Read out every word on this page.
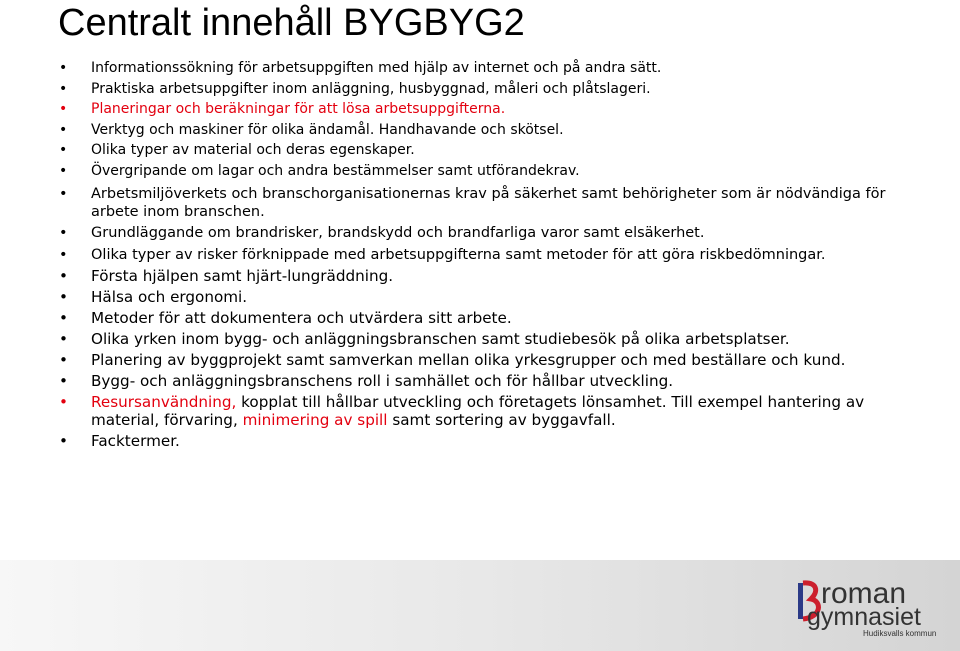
Centralt innehåll BYGBYG2
• Informationssökning för arbetsuppgiften med hjälp av internet och på andra sätt.
• Praktiska arbetsuppgifter inom anläggning, husbyggnad, måleri och plåtslageri.
• Planeringar och beräkningar för att lösa arbetsuppgifterna.
• Verktyg och maskiner för olika ändamål. Handhavande och skötsel.
• Olika typer av material och deras egenskaper.
• Övergripande om lagar och andra bestämmelser samt utförandekrav.
• Arbetsmiljöverkets och branschorganisationernas krav på säkerhet samt behörigheter som är nödvändiga för arbete inom branschen.
• Grundläggande om brandrisker, brandskydd och brandfarliga varor samt elsäkerhet.
• Olika typer av risker förknippade med arbetsuppgifterna samt metoder för att göra riskbedömningar.
• Första hjälpen samt hjärt-lungräddning.
• Hälsa och ergonomi.
• Metoder för att dokumentera och utvärdera sitt arbete.
• Olika yrken inom bygg- och anläggningsbranschen samt studiebesök på olika arbetsplatser.
• Planering av byggprojekt samt samverkan mellan olika yrkesgrupper och med beställare och kund.
• Bygg- och anläggningsbranschens roll i samhället och för hållbar utveckling.
• Resursanvändning, kopplat till hållbar utveckling och företagets lönsamhet. Till exempel hantering av material, förvaring, minimering av spill samt sortering av byggavfall.
• Facktermer.
roman
gymnasiet
Hudiksvalls kommun
